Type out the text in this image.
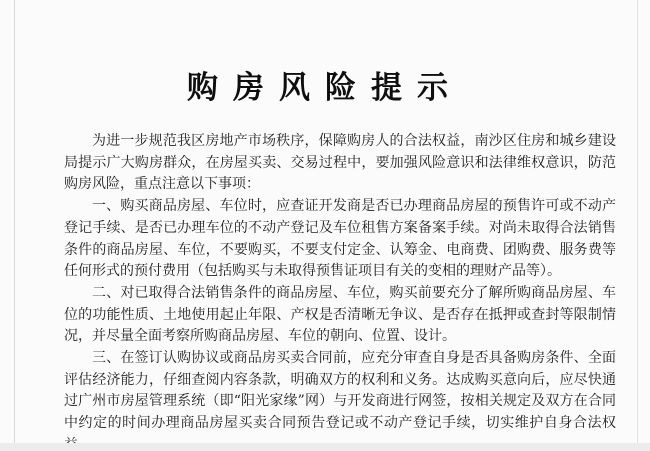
购房风险提示

为进一步规范我区房地产市场秩序，保障购房人的合法权益，南沙区住房和城乡建设局提示广大购房群众，在房屋买卖、交易过程中，要加强风险意识和法律维权意识，防范购房风险，重点注意以下事项：

一、购买商品房屋、车位时，应查证开发商是否已办理商品房屋的预售许可或不动产登记手续、是否已办理车位的不动产登记及车位租售方案备案手续。对尚未取得合法销售条件的商品房屋、车位，不要购买，不要支付定金、认筹金、电商费、团购费、服务费等任何形式的预付费用（包括购买与未取得预售证项目有关的变相的理财产品等）。

二、对已取得合法销售条件的商品房屋、车位，购买前要充分了解所购商品房屋、车位的功能性质、土地使用起止年限、产权是否清晰无争议、是否存在抵押或查封等限制情况，并尽量全面考察所购商品房屋、车位的朝向、位置、设计。

三、在签订认购协议或商品房买卖合同前，应充分审查自身是否具备购房条件、全面评估经济能力，仔细查阅内容条款，明确双方的权利和义务。达成购买意向后，应尽快通过广州市房屋管理系统（即“阳光家缘”网）与开发商进行网签，按相关规定及双方在合同中约定的时间办理商品房屋买卖合同预告登记或不动产登记手续，切实维护自身合法权
